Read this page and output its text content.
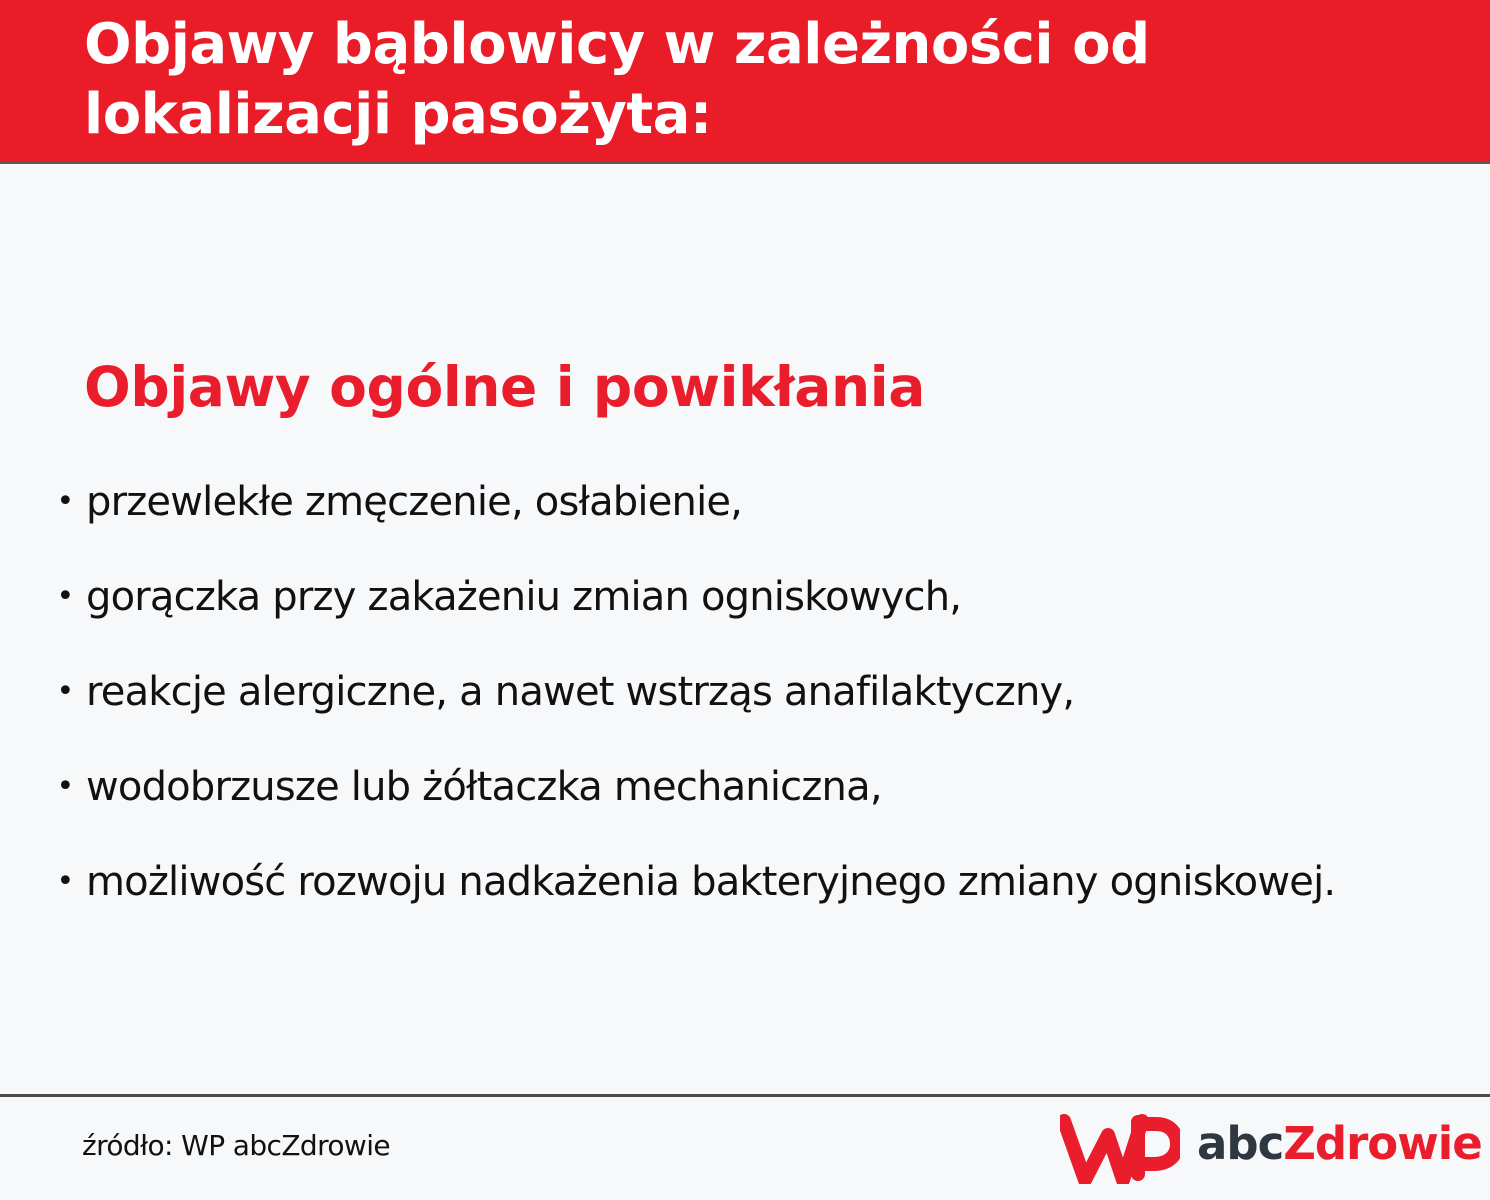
Objawy bąblowicy w zależności od lokalizacji pasożyta:
Objawy ogólne i powikłania
• przewlekłe zmęczenie, osłabienie,
• gorączka przy zakażeniu zmian ogniskowych,
• reakcje alergiczne, a nawet wstrząs anafilaktyczny,
• wodobrzusze lub żółtaczka mechaniczna,
• możliwość rozwoju nadkażenia bakteryjnego zmiany ogniskowej.

źródło: WP abcZdrowie	abcZdrowie
